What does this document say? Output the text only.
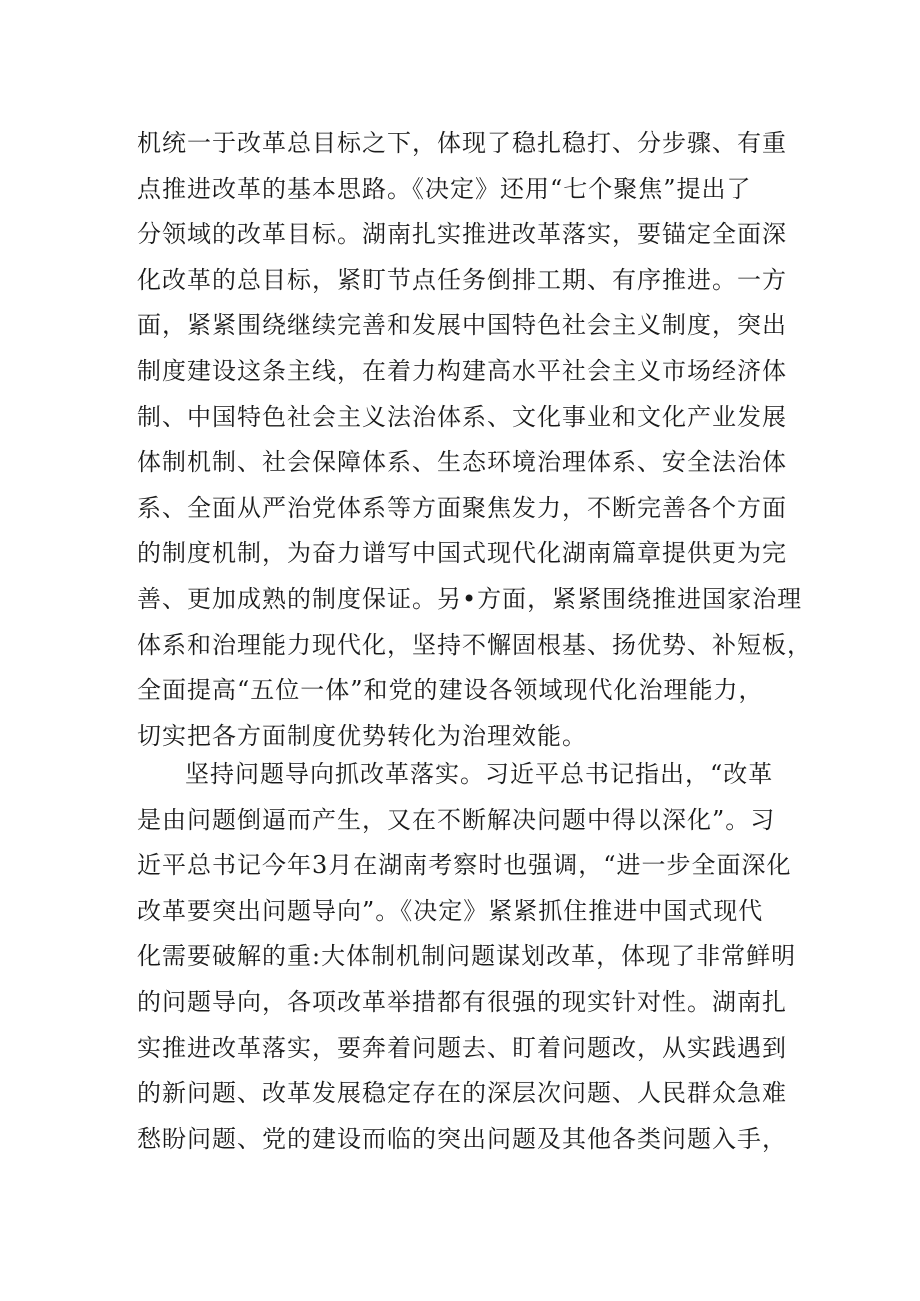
机统一于改革总目标之下，体现了稳扎稳打、分步骤、有重
点推进改革的基本思路。《决定》还用“七个聚焦”提出了
分领域的改革目标。湖南扎实推进改革落实，要锚定全面深
化改革的总目标，紧盯节点任务倒排工期、有序推进。一方
面，紧紧围绕继续完善和发展中国特色社会主义制度，突出
制度建设这条主线，在着力构建高水平社会主义市场经济体
制、中国特色社会主义法治体系、文化事业和文化产业发展
体制机制、社会保障体系、生态环境治理体系、安全法治体
系、全面从严治党体系等方面聚焦发力，不断完善各个方面
的制度机制，为奋力谱写中国式现代化湖南篇章提供更为完
善、更加成熟的制度保证。另•方面，紧紧围绕推进国家治理
体系和治理能力现代化，坚持不懈固根基、扬优势、补短板，
全面提高“五位一体”和党的建设各领域现代化治理能力，
切实把各方面制度优势转化为治理效能。
坚持问题导向抓改革落实。习近平总书记指出，“改革
是由问题倒逼而产生，又在不断解决问题中得以深化”。习
近平总书记今年3月在湖南考察时也强调，“进一步全面深化
改革要突出问题导向”。《决定》紧紧抓住推进中国式现代
化需要破解的重:大体制机制问题谋划改革，体现了非常鲜明
的问题导向，各项改革举措都有很强的现实针对性。湖南扎
实推进改革落实，要奔着问题去、盯着问题改，从实践遇到
的新问题、改革发展稳定存在的深层次问题、人民群众急难
愁盼问题、党的建设而临的突出问题及其他各类问题入手，
